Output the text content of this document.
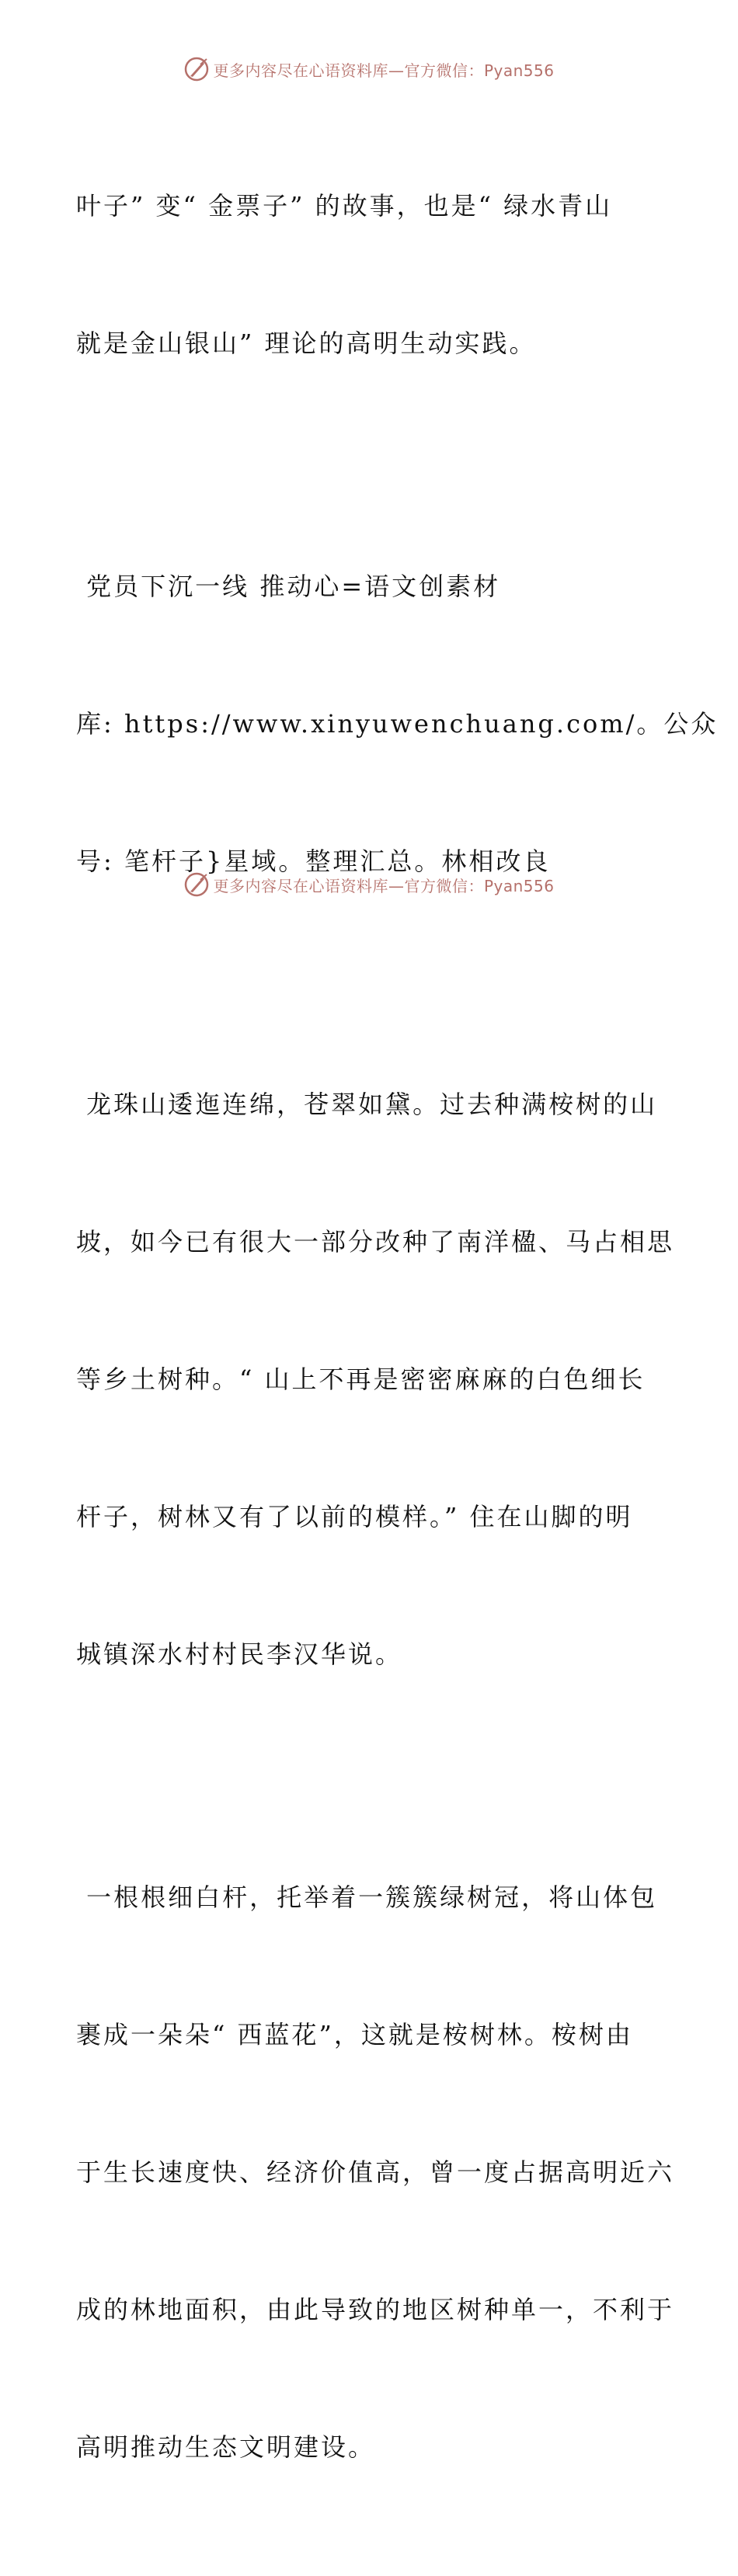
更多内容尽在心语资料库—官方微信：Pyan556

叶子” 变“ 金票子” 的故事，也是“ 绿水青山

就是金山银山” 理论的高明生动实践。

党员下沉一线 推动心=语文创素材

库: https://www.xinyuwenchuang.com/。公众

号: 笔杆子}星域。整理汇总。林相改良

龙珠山逶迤连绵，苍翠如黛。过去种满桉树的山

坡，如今已有很大一部分改种了南洋楹、马占相思

等乡土树种。“ 山上不再是密密麻麻的白色细长

杆子，树林又有了以前的模样。” 住在山脚的明

城镇深水村村民李汉华说。

一根根细白杆，托举着一簇簇绿树冠，将山体包

裹成一朵朵“ 西蓝花”，这就是桉树林。桉树由

于生长速度快、经济价值高，曾一度占据高明近六

成的林地面积，由此导致的地区树种单一，不利于

高明推动生态文明建设。

更多内容尽在心语资料库—官方微信：Pyan556
